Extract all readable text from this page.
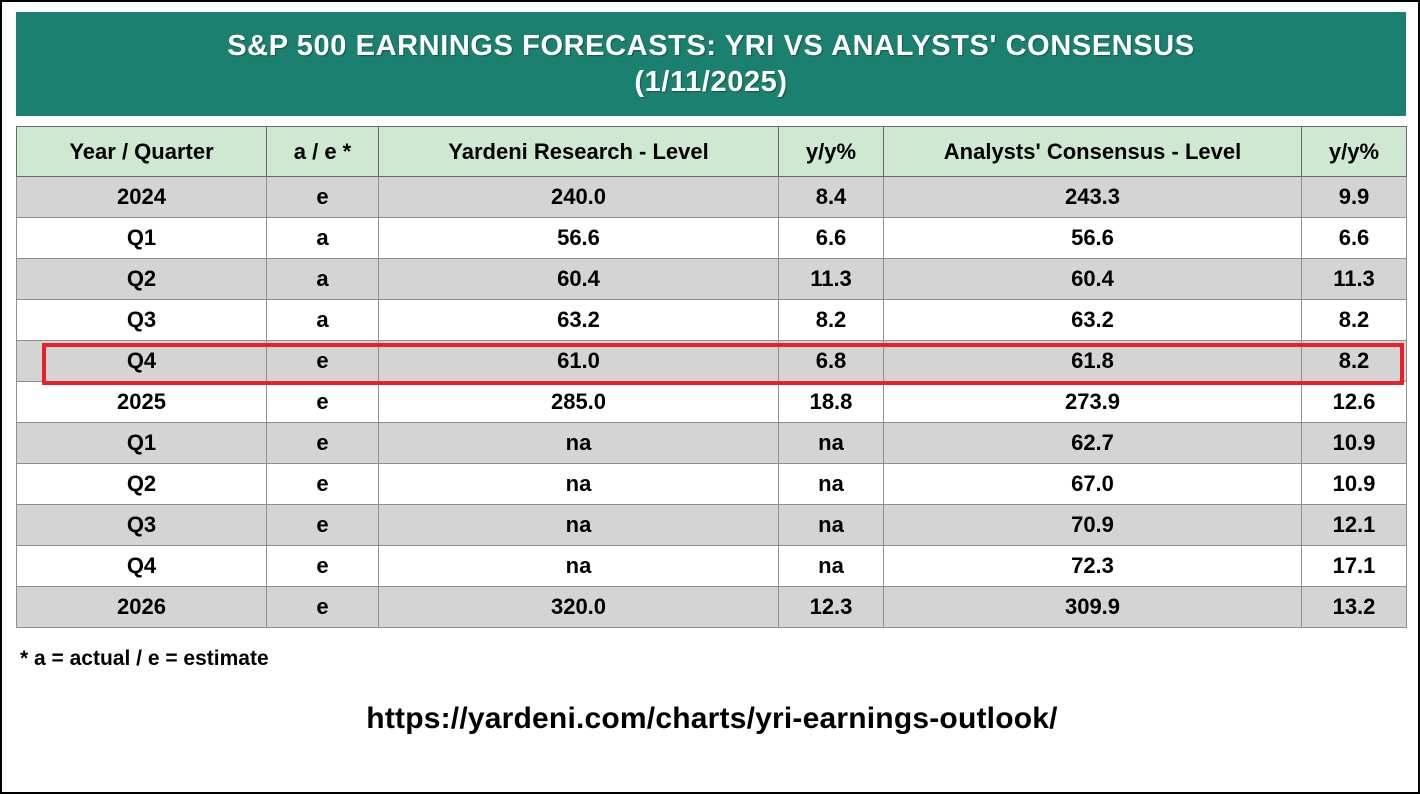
S&P 500 EARNINGS FORECASTS: YRI VS ANALYSTS' CONSENSUS
(1/11/2025)
Year / Quarter	a / e *	Yardeni Research - Level	y/y%	Analysts' Consensus - Level	y/y%
2024	e	240.0	8.4	243.3	9.9
Q1	a	56.6	6.6	56.6	6.6
Q2	a	60.4	11.3	60.4	11.3
Q3	a	63.2	8.2	63.2	8.2
Q4	e	61.0	6.8	61.8	8.2
2025	e	285.0	18.8	273.9	12.6
Q1	e	na	na	62.7	10.9
Q2	e	na	na	67.0	10.9
Q3	e	na	na	70.9	12.1
Q4	e	na	na	72.3	17.1
2026	e	320.0	12.3	309.9	13.2
* a = actual / e = estimate
https://yardeni.com/charts/yri-earnings-outlook/
